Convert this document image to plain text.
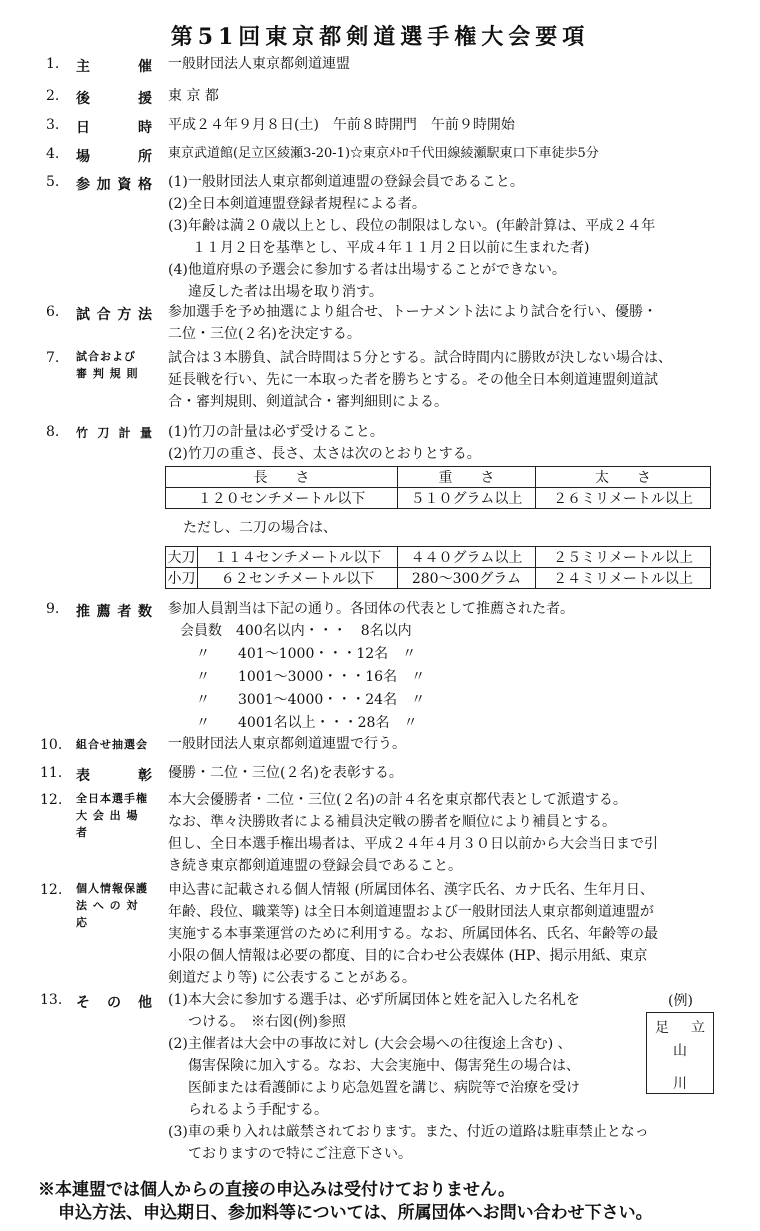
第51回東京都剣道選手権大会要項
1. 主	催 一般財団法人東京都剣道連盟
2. 後	援 東 京 都
3. 日	時 平成２４年９月８日(土)　午前８時開門　午前９時開始
4. 場	所 東京武道館(足立区綾瀬3-20-1)☆東京ﾒﾄﾛ千代田線綾瀬駅東口下車徒歩5分
5. 参 加 資 格 (1)一般財団法人東京都剣道連盟の登録会員であること。
(2)全日本剣道連盟登録者規程による者。
(3)年齢は満２０歳以上とし、段位の制限はしない。(年齢計算は、平成２４年
１１月２日を基準とし、平成４年１１月２日以前に生まれた者)
(4)他道府県の予選会に参加する者は出場することができない。
違反した者は出場を取り消す。
6. 試 合 方 法 参加選手を予め抽選により組合せ、トーナメント法により試合を行い、優勝・
二位・三位(２名)を決定する。
7. 試合および
審 判 規 則
試合は３本勝負、試合時間は５分とする。試合時間内に勝敗が決しない場合は、
延長戦を行い、先に一本取った者を勝ちとする。その他全日本剣道連盟剣道試
合・審判規則、剣道試合・審判細則による。
8. 竹 刀 計 量 (1)竹刀の計量は必ず受けること。
(2)竹刀の重さ、長さ、太さは次のとおりとする。
長　　さ	重　　さ	太　　さ
１２０センチメートル以下	５１０グラム以上	２６ミリメートル以上
ただし、二刀の場合は、
大刀	１１４センチメートル以下	４４０グラム以上	２５ミリメートル以上
小刀	６２センチメートル以下	280～300グラム	２４ミリメートル以上
9. 推 薦 者 数 参加人員割当は下記の通り。各団体の代表として推薦された者。
会員数　400名以内・・・　8名以内
〃　　401～1000・・・12名　〃
〃　　1001～3000・・・16名　〃
〃　　3001～4000・・・24名　〃
〃　　4001名以上・・・28名　〃
10. 組合せ抽選会 一般財団法人東京都剣道連盟で行う。
11. 表	彰 優勝・二位・三位(２名)を表彰する。
12. 全日本選手権
大 会 出 場 者
本大会優勝者・二位・三位(２名)の計４名を東京都代表として派遣する。
なお、準々決勝敗者による補員決定戦の勝者を順位により補員とする。
但し、全日本選手権出場者は、平成２４年４月３０日以前から大会当日まで引
き続き東京都剣道連盟の登録会員であること。
12. 個人情報保護
法 へ の 対 応
申込書に記載される個人情報 (所属団体名、漢字氏名、カナ氏名、生年月日、
年齢、段位、職業等) は全日本剣道連盟および一般財団法人東京都剣道連盟が
実施する本事業運営のために利用する。なお、所属団体名、氏名、年齢等の最
小限の個人情報は必要の都度、目的に合わせ公表媒体 (HP、掲示用紙、東京
剣道だより等) に公表することがある。
13. そ の 他 (1)本大会に参加する選手は、必ず所属団体と姓を記入した名札を
つける。　※右図(例)参照
(2)主催者は大会中の事故に対し (大会会場への往復途上含む) 、
傷害保険に加入する。なお、大会実施中、傷害発生の場合は、
医師または看護師により応急処置を講じ、病院等で治療を受け
られるよう手配する。
(3)車の乗り入れは厳禁されております。また、付近の道路は駐車禁止となっ
ておりますので特にご注意下さい。
(例)
足 立
山
川
※本連盟では個人からの直接の申込みは受付けておりません。
申込方法、申込期日、参加料等については、所属団体へお問い合わせ下さい。
